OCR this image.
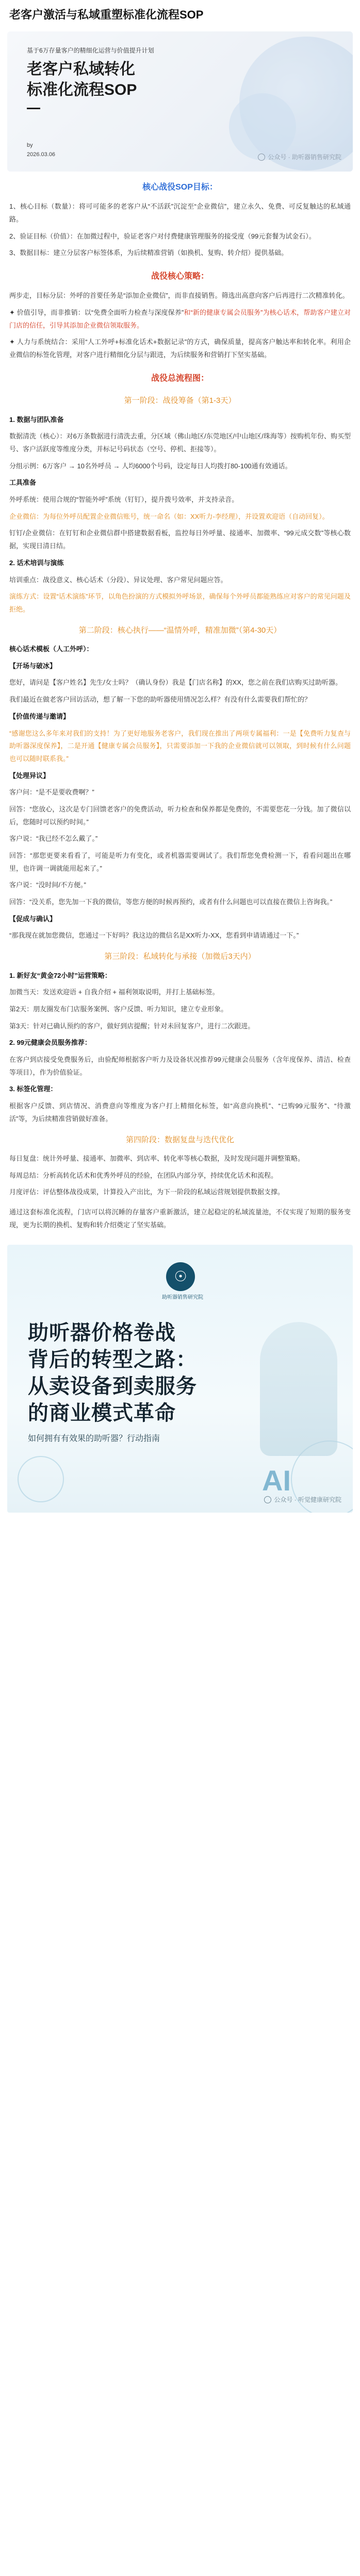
老客户激活与私域重塑标准化流程SOP
基于6万存量客户的精细化运营与价值提升计划
老客户私域转化
标准化流程SOP
by
2026.03.06	公众号 · 助听器销售研究院
核心战役SOP目标：

1、核心目标（数量）：将可可能多的老客户从“不活跃”沉淀至“企业微信”，建立永久、免费、可反复触达的私域通路。

2、验证目标（价值）：在加微过程中，验证老客户对付费健康管理服务的接受度（99元套餐为试金石）。

3、数据目标：建立分层客户标签体系，为后续精准营销（如换机、复购、转介绍）提供基础。

战役核心策略：

两步走，目标分层：外呼的首要任务是“添加企业微信”，而非直接销售。筛选出高意向客户后再进行二次精准转化。

✦ 价值引导，而非推销：以“免费全面听力检查与深度保养”和“新的健康专属会员服务”为核心话术，帮助客户建立对门店的信任，引导其添加企业微信领取服务。

✦ 人力与系统结合：采用“人工外呼+标准化话术+数据记录”的方式，确保质量，提高客户触达率和转化率。利用企业微信的标签化管理，对客户进行精细化分层与跟进，为后续服务和营销打下坚实基础。

战役总流程图：
第一阶段：战役筹备（第1-3天）

1. 数据与团队准备

数据清洗（核心）：对6万条数据进行清洗去重，分区域（佛山地区/东莞地区/中山地区/珠海等）按购机年份、购买型号、客户活跃度等维度分类，并标记号码状态（空号、停机、拒接等）。

分组示例：6万客户 → 10名外呼员 → 人均6000个号码，设定每日人均拨打80-100通有效通话。

工具准备

外呼系统：使用合规的“智能外呼”系统（钉钉），提升拨号效率，并支持录音。

企业微信：为每位外呼员配置企业微信账号，统一命名（如：XX听力-李经理），并设置欢迎语（自动回复）。

钉钉/企业微信：在钉钉和企业微信群中搭建数据看板，监控每日外呼量、接通率、加微率、“99元成交数”等核心数据，实现日清日结。

2. 话术培训与演练

培训重点：战役意义、核心话术（分段）、异议处理、客户常见问题应答。

演练方式：设置“话术演练”环节，以角色扮演的方式模拟外呼场景，确保每个外呼员都能熟练应对客户的常见问题及拒绝。

第二阶段：核心执行——“温情外呼，精准加微”（第4-30天）

核心话术模板（人工外呼）：

【开场与破冰】

您好，请问是【客户姓名】先生/女士吗？（确认身份）我是【门店名称】的XX，您之前在我们店购买过助听器。

我们最近在做老客户回访活动，想了解一下您的助听器使用情况怎么样？有没有什么需要我们帮忙的？

【价值传递与邀请】

“感谢您这么多年来对我们的支持！为了更好地服务老客户，我们现在推出了两项专属福利：一是【免费听力复查与助听器深度保养】，二是开通【健康专属会员服务】，只需要添加一下我的企业微信就可以领取，到时候有什么问题也可以随时联系我。”

【处理异议】

客户问：“是不是要收费啊？”

回答：“您放心，这次是专门回馈老客户的免费活动，听力检查和保养都是免费的，不需要您花一分钱。加了微信以后，您随时可以预约时间。”

客户说：“我已经不怎么戴了。”

回答：“那您更要来看看了，可能是听力有变化，或者机器需要调试了。我们帮您免费检测一下，看看问题出在哪里，也许调一调就能用起来了。”

客户说：“没时间/不方便。”

回答：“没关系，您先加一下我的微信，等您方便的时候再预约，或者有什么问题也可以直接在微信上咨询我。”

【促成与确认】

“那我现在就加您微信，您通过一下好吗？我这边的微信名是XX听力-XX，您看到申请请通过一下。”

第三阶段：私域转化与承接（加微后3天内）

1. 新好友“黄金72小时”运营策略：

加微当天：发送欢迎语 + 自我介绍 + 福利领取说明，并打上基础标签。

第2天：朋友圈发布门店服务案例、客户反馈、听力知识，建立专业形象。

第3天：针对已确认预约的客户，做好到店提醒；针对未回复客户，进行二次跟进。

2. 99元健康会员服务推荐：

在客户到店接受免费服务后，由验配师根据客户听力及设备状况推荐99元健康会员服务（含年度保养、清洁、检查等项目），作为价值验证。

3. 标签化管理：

根据客户反馈、到店情况、消费意向等维度为客户打上精细化标签，如“高意向换机”、“已购99元服务”、“待激活”等，为后续精准营销做好准备。

第四阶段：数据复盘与迭代优化

每日复盘：统计外呼量、接通率、加微率、到店率、转化率等核心数据，及时发现问题并调整策略。

每周总结：分析高转化话术和优秀外呼员的经验，在团队内部分享，持续优化话术和流程。

月度评估：评估整体战役成果，计算投入产出比，为下一阶段的私域运营规划提供数据支撑。

通过这套标准化流程，门店可以将沉睡的存量客户重新激活，建立起稳定的私域流量池，不仅实现了短期的服务变现，更为长期的换机、复购和转介绍奠定了坚实基础。

☉
助听器销售研究院
助听器价格卷战
背后的转型之路：
从卖设备到卖服务
的商业模式革命
如何拥有有效果的助听器？行动指南
AI
公众号 · 听觉健康研究院
